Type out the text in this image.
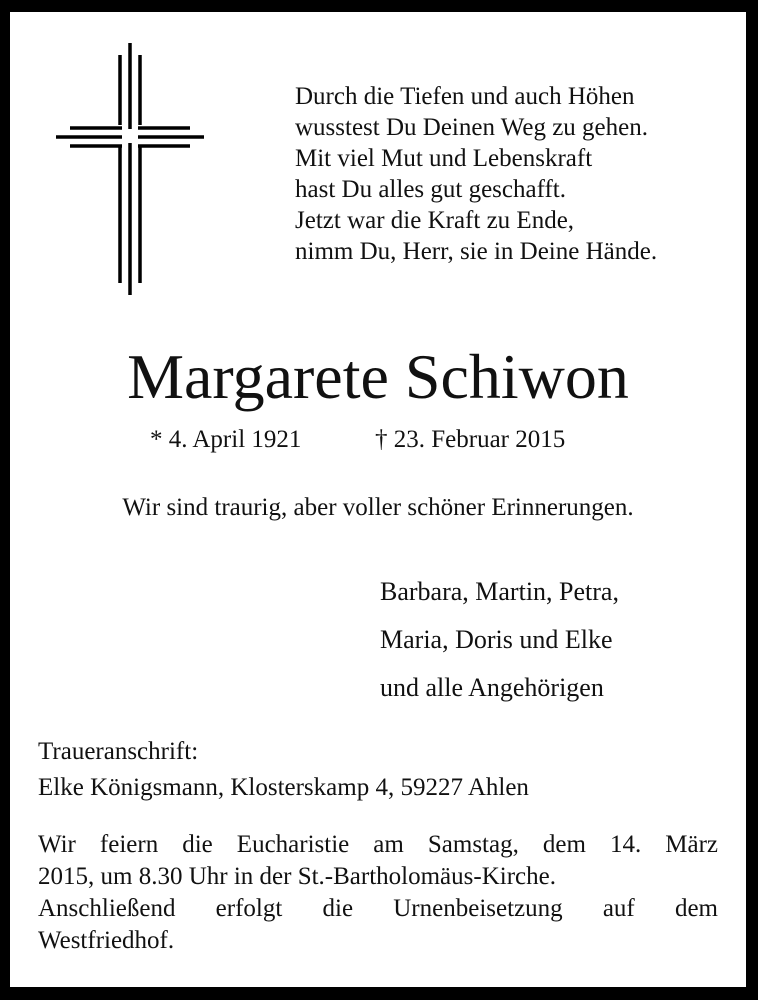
Durch die Tiefen und auch Höhen
wusstest Du Deinen Weg zu gehen.
Mit viel Mut und Lebenskraft
hast Du alles gut geschafft.
Jetzt war die Kraft zu Ende,
nimm Du, Herr, sie in Deine Hände.
Margarete Schiwon
* 4. April 1921	† 23. Februar 2015
Wir sind traurig, aber voller schöner Erinnerungen.
Barbara, Martin, Petra,
Maria, Doris und Elke
und alle Angehörigen
Traueranschrift:
Elke Königsmann, Klosterskamp 4, 59227 Ahlen
Wir feiern die Eucharistie am Samstag, dem 14. März
2015, um 8.30 Uhr in der St.-Bartholomäus-Kirche.
Anschließend erfolgt die Urnenbeisetzung auf dem
Westfriedhof.
